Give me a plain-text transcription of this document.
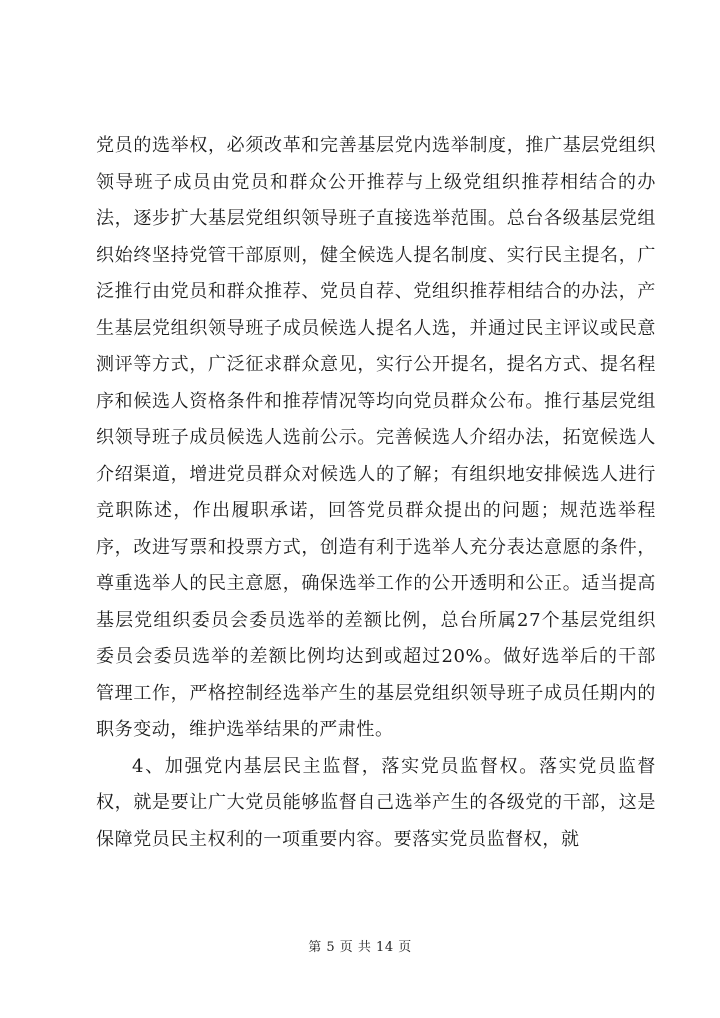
党员的选举权，必须改革和完善基层党内选举制度，推广基层党组织领导班子成员由党员和群众公开推荐与上级党组织推荐相结合的办法，逐步扩大基层党组织领导班子直接选举范围。总台各级基层党组织始终坚持党管干部原则，健全候选人提名制度、实行民主提名，广泛推行由党员和群众推荐、党员自荐、党组织推荐相结合的办法，产生基层党组织领导班子成员候选人提名人选，并通过民主评议或民意测评等方式，广泛征求群众意见，实行公开提名，提名方式、提名程序和候选人资格条件和推荐情况等均向党员群众公布。推行基层党组织领导班子成员候选人选前公示。完善候选人介绍办法，拓宽候选人介绍渠道，增进党员群众对候选人的了解；有组织地安排候选人进行竞职陈述，作出履职承诺，回答党员群众提出的问题；规范选举程序，改进写票和投票方式，创造有利于选举人充分表达意愿的条件，尊重选举人的民主意愿，确保选举工作的公开透明和公正。适当提高基层党组织委员会委员选举的差额比例，总台所属27个基层党组织委员会委员选举的差额比例均达到或超过20%。做好选举后的干部管理工作，严格控制经选举产生的基层党组织领导班子成员任期内的职务变动，维护选举结果的严肃性。

4、加强党内基层民主监督，落实党员监督权。落实党员监督权，就是要让广大党员能够监督自己选举产生的各级党的干部，这是保障党员民主权利的一项重要内容。要落实党员监督权，就

第 5 页 共 14 页
